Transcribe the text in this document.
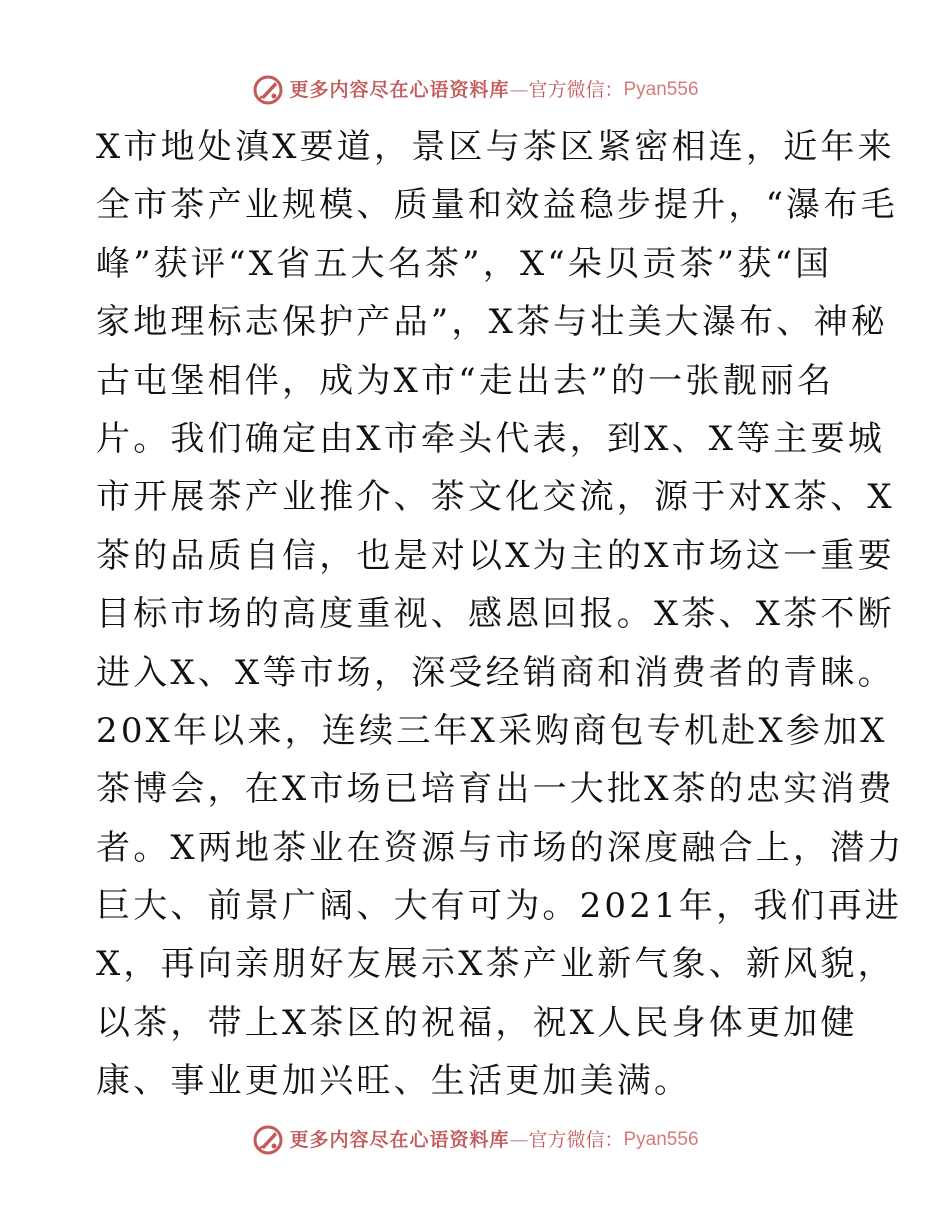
更多内容尽在心语资料库 — 官方微信： Pyan556
X市地处滇X要道，景区与茶区紧密相连，近年来
全市茶产业规模、质量和效益稳步提升，“瀑布毛
峰”获评“X省五大名茶”，X“朵贝贡茶”获“国
家地理标志保护产品”，X茶与壮美大瀑布、神秘
古屯堡相伴，成为X市“走出去”的一张靓丽名
片。我们确定由X市牵头代表，到X、X等主要城
市开展茶产业推介、茶文化交流，源于对X茶、X
茶的品质自信，也是对以X为主的X市场这一重要
目标市场的高度重视、感恩回报。X茶、X茶不断
进入X、X等市场，深受经销商和消费者的青睐。
20X年以来，连续三年X采购商包专机赴X参加X
茶博会，在X市场已培育出一大批X茶的忠实消费
者。X两地茶业在资源与市场的深度融合上，潜力
巨大、前景广阔、大有可为。2021年，我们再进
X，再向亲朋好友展示X茶产业新气象、新风貌，
以茶，带上X茶区的祝福，祝X人民身体更加健
康、事业更加兴旺、生活更加美满。
更多内容尽在心语资料库 — 官方微信： Pyan556
